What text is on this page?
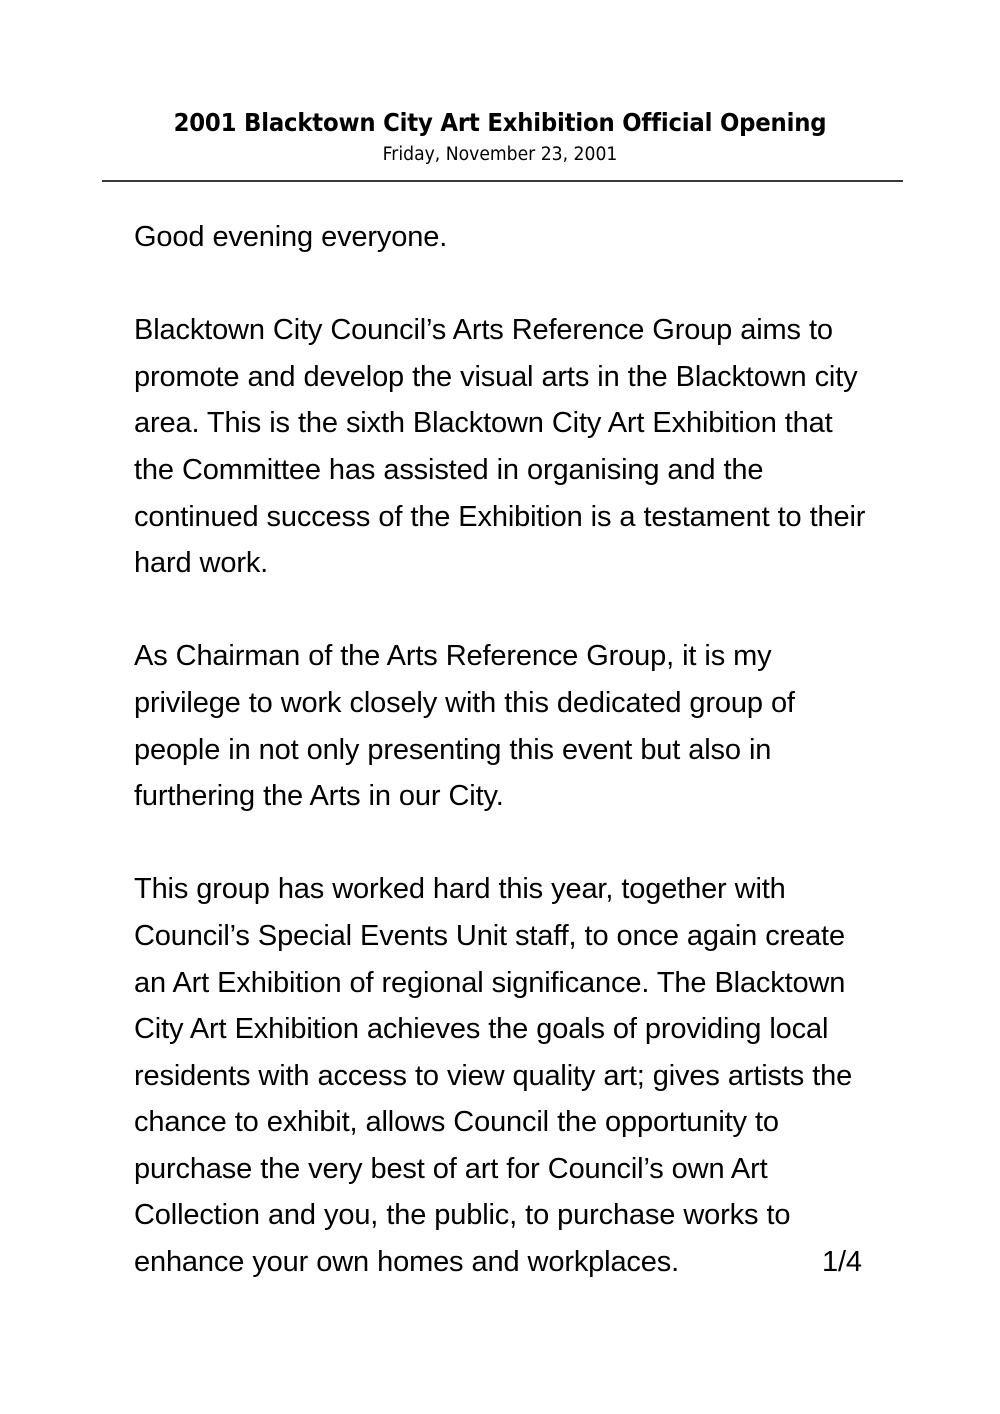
2001 Blacktown City Art Exhibition Official Opening
Friday, November 23, 2001

Good evening everyone.

Blacktown City Council’s Arts Reference Group aims to promote and develop the visual arts in the Blacktown city area. This is the sixth Blacktown City Art Exhibition that the Committee has assisted in organising and the continued success of the Exhibition is a testament to their hard work.

As Chairman of the Arts Reference Group, it is my privilege to work closely with this dedicated group of people in not only presenting this event but also in furthering the Arts in our City.

This group has worked hard this year, together with Council’s Special Events Unit staff, to once again create an Art Exhibition of regional significance. The Blacktown City Art Exhibition achieves the goals of providing local residents with access to view quality art; gives artists the chance to exhibit, allows Council the opportunity to purchase the very best of art for Council’s own Art Collection and you, the public, to purchase works to enhance your own homes and workplaces.	1/4
